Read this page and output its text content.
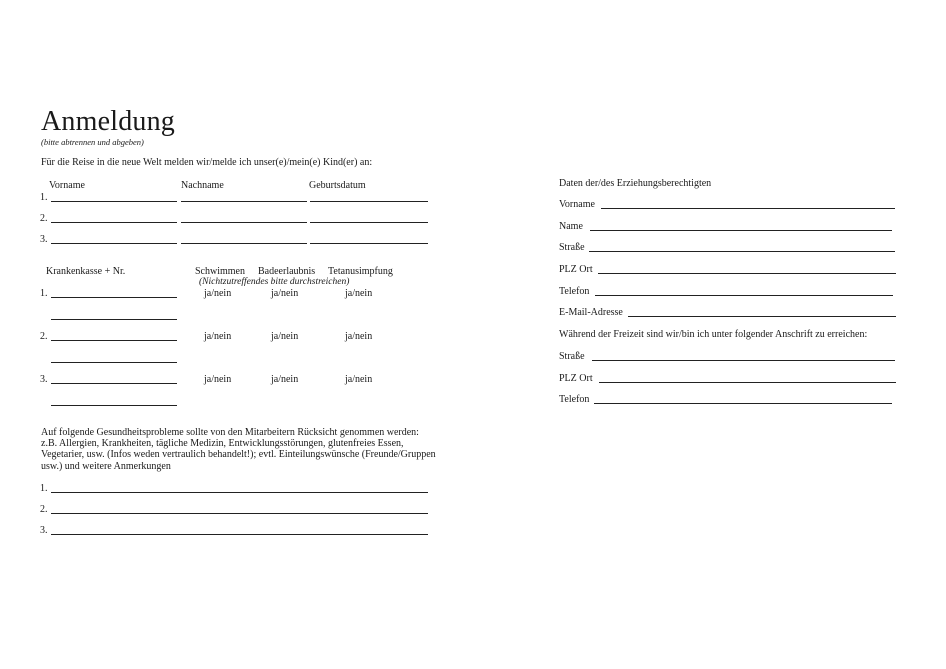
Anmeldung
(bitte abtrennen und abgeben)
Für die Reise in die neue Welt melden wir/melde ich unser(e)/mein(e) Kind(er) an:
Vorname	Nachname	Geburtsdatum
1.
2.
3.
Krankenkasse + Nr.	Schwimmen Badeerlaubnis Tetanusimpfung
(Nichtzutreffendes bitte durchstreichen)
1.	ja/nein	ja/nein	ja/nein
2.	ja/nein	ja/nein	ja/nein
3.	ja/nein	ja/nein	ja/nein
Auf folgende Gesundheitsprobleme sollte von den Mitarbeitern Rücksicht genommen werden: z.B. Allergien, Krankheiten, tägliche Medizin, Entwicklungsstörungen, glutenfreies Essen, Vegetarier, usw. (Infos weden vertraulich behandelt!); evtl. Einteilungswünsche (Freunde/Gruppen usw.) und weitere Anmerkungen
1.
2.
3.
Daten der/des Erziehungsberechtigten
Vorname
Name
Straße
PLZ Ort
Telefon
E-Mail-Adresse
Während der Freizeit sind wir/bin ich unter folgender Anschrift zu erreichen:
Straße
PLZ Ort
Telefon
